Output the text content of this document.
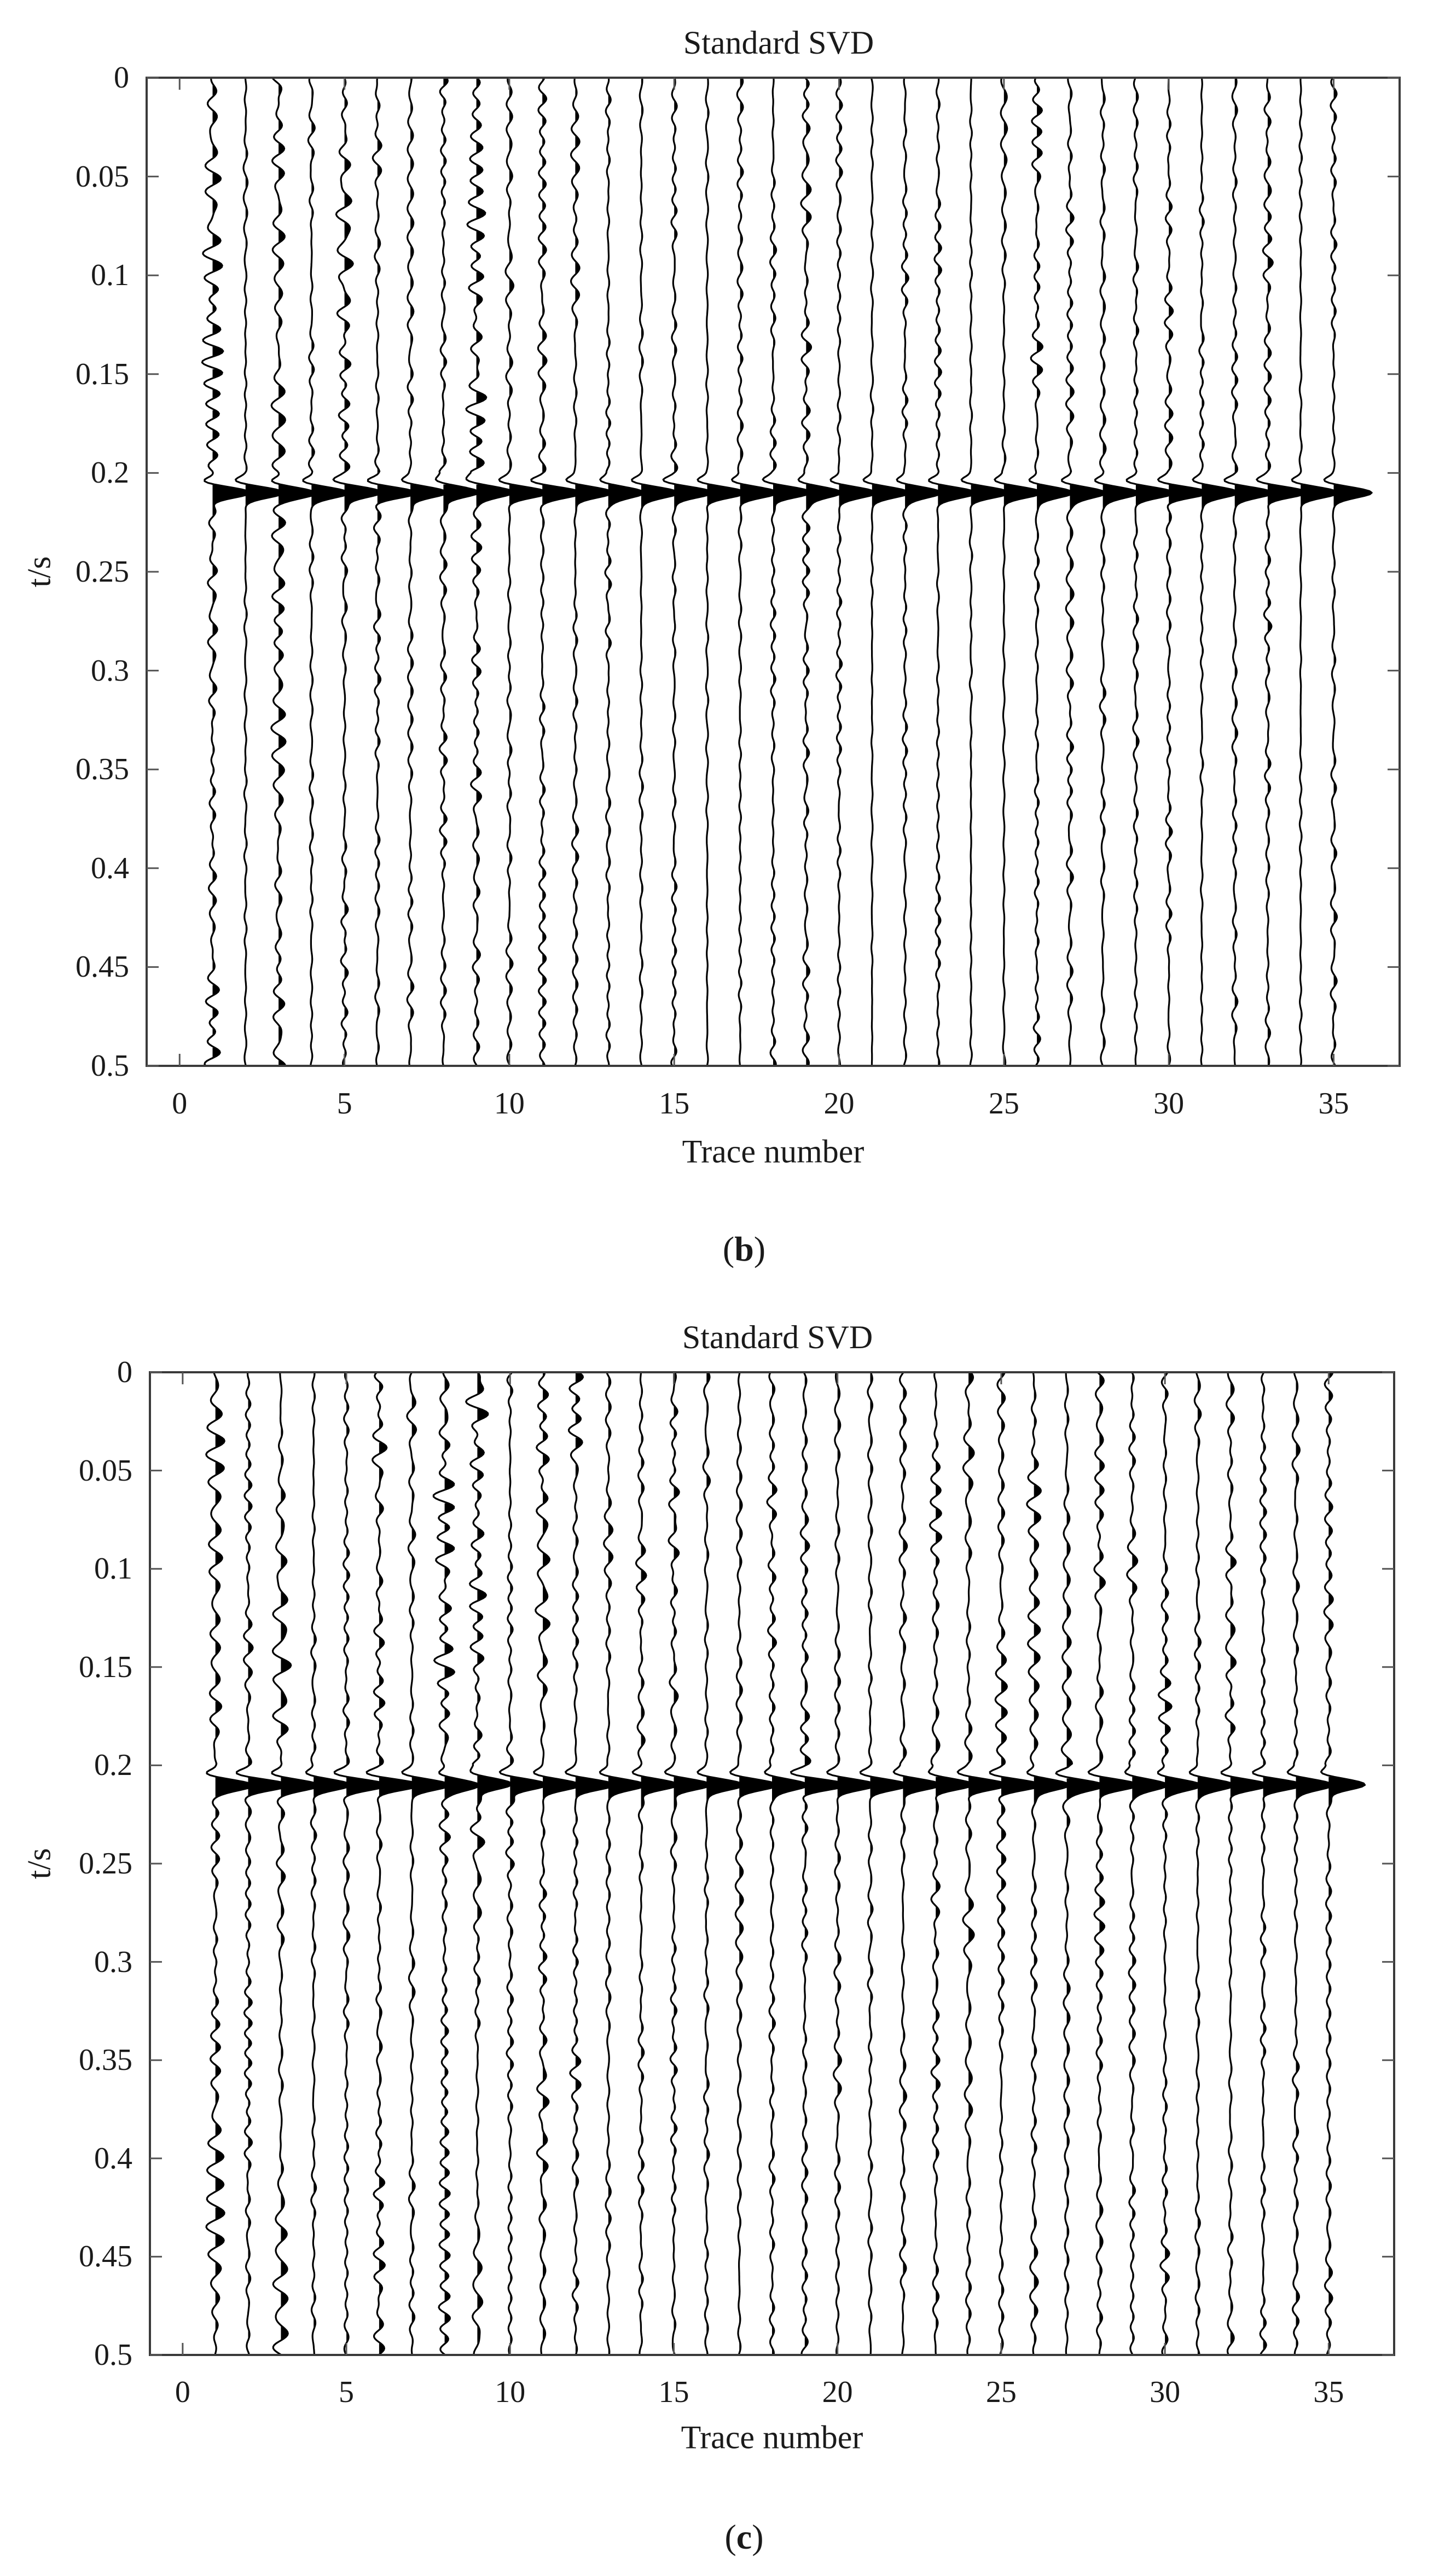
Standard SVD
Trace number
t/s
(b)
0
0.05
0.1
0.15
0.2
0.25
0.3
0.35
0.4
0.45
0.5
0	5	10	15	20	25	30	35
Standard SVD
Trace number
t/s
(c)
0
0.05
0.1
0.15
0.2
0.25
0.3
0.35
0.4
0.45
0.5
0	5	10	15	20	25	30	35
